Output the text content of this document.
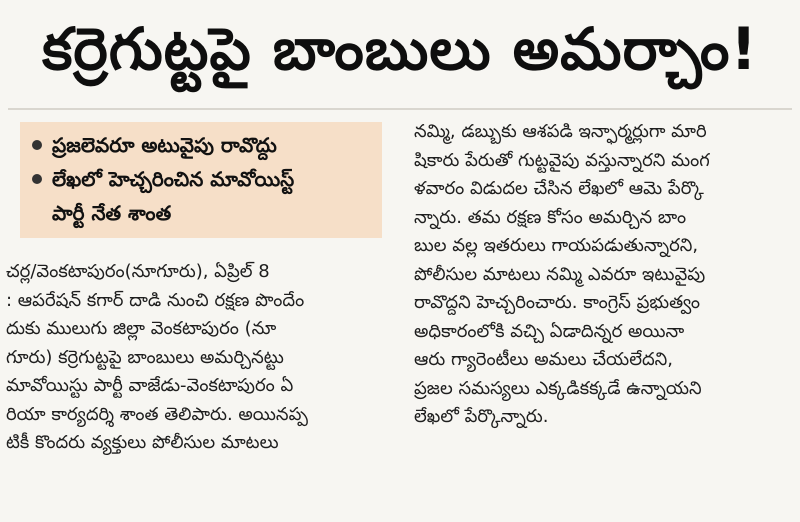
కర్రెగుట్టపై బాంబులు అమర్చాం!
ప్రజలెవరూ అటువైపు రావొద్దు
లేఖలో హెచ్చరించిన మావోయిస్ట్
పార్టీ నేత శాంత
చర్ల/వెంకటాపురం(నూగూరు), ఏప్రిల్ 8
: ఆపరేషన్ కగార్ దాడి నుంచి రక్షణ పొందేం
దుకు ములుగు జిల్లా వెంకటాపురం (నూ
గూరు) కర్రెగుట్టపై బాంబులు అమర్చినట్టు
మావోయిస్టు పార్టీ వాజేడు-వెంకటాపురం ఏ
రియా కార్యదర్శి శాంత తెలిపారు. అయినప్ప
టికీ కొందరు వ్యక్తులు పోలీసుల మాటలు
నమ్మి, డబ్బుకు ఆశపడి ఇన్ఫార్మర్లుగా మారి
షికారు పేరుతో గుట్టవైపు వస్తున్నారని మంగ
ళవారం విడుదల చేసిన లేఖలో ఆమె పేర్కొ
న్నారు. తమ రక్షణ కోసం అమర్చిన బాం
బుల వల్ల ఇతరులు గాయపడుతున్నారని,
పోలీసుల మాటలు నమ్మి ఎవరూ ఇటువైపు
రావొద్దని హెచ్చరించారు. కాంగ్రెస్ ప్రభుత్వం
అధికారంలోకి వచ్చి ఏడాదిన్నర అయినా
ఆరు గ్యారెంటీలు అమలు చేయలేదని,
ప్రజల సమస్యలు ఎక్కడికక్కడే ఉన్నాయని
లేఖలో పేర్కొన్నారు.
